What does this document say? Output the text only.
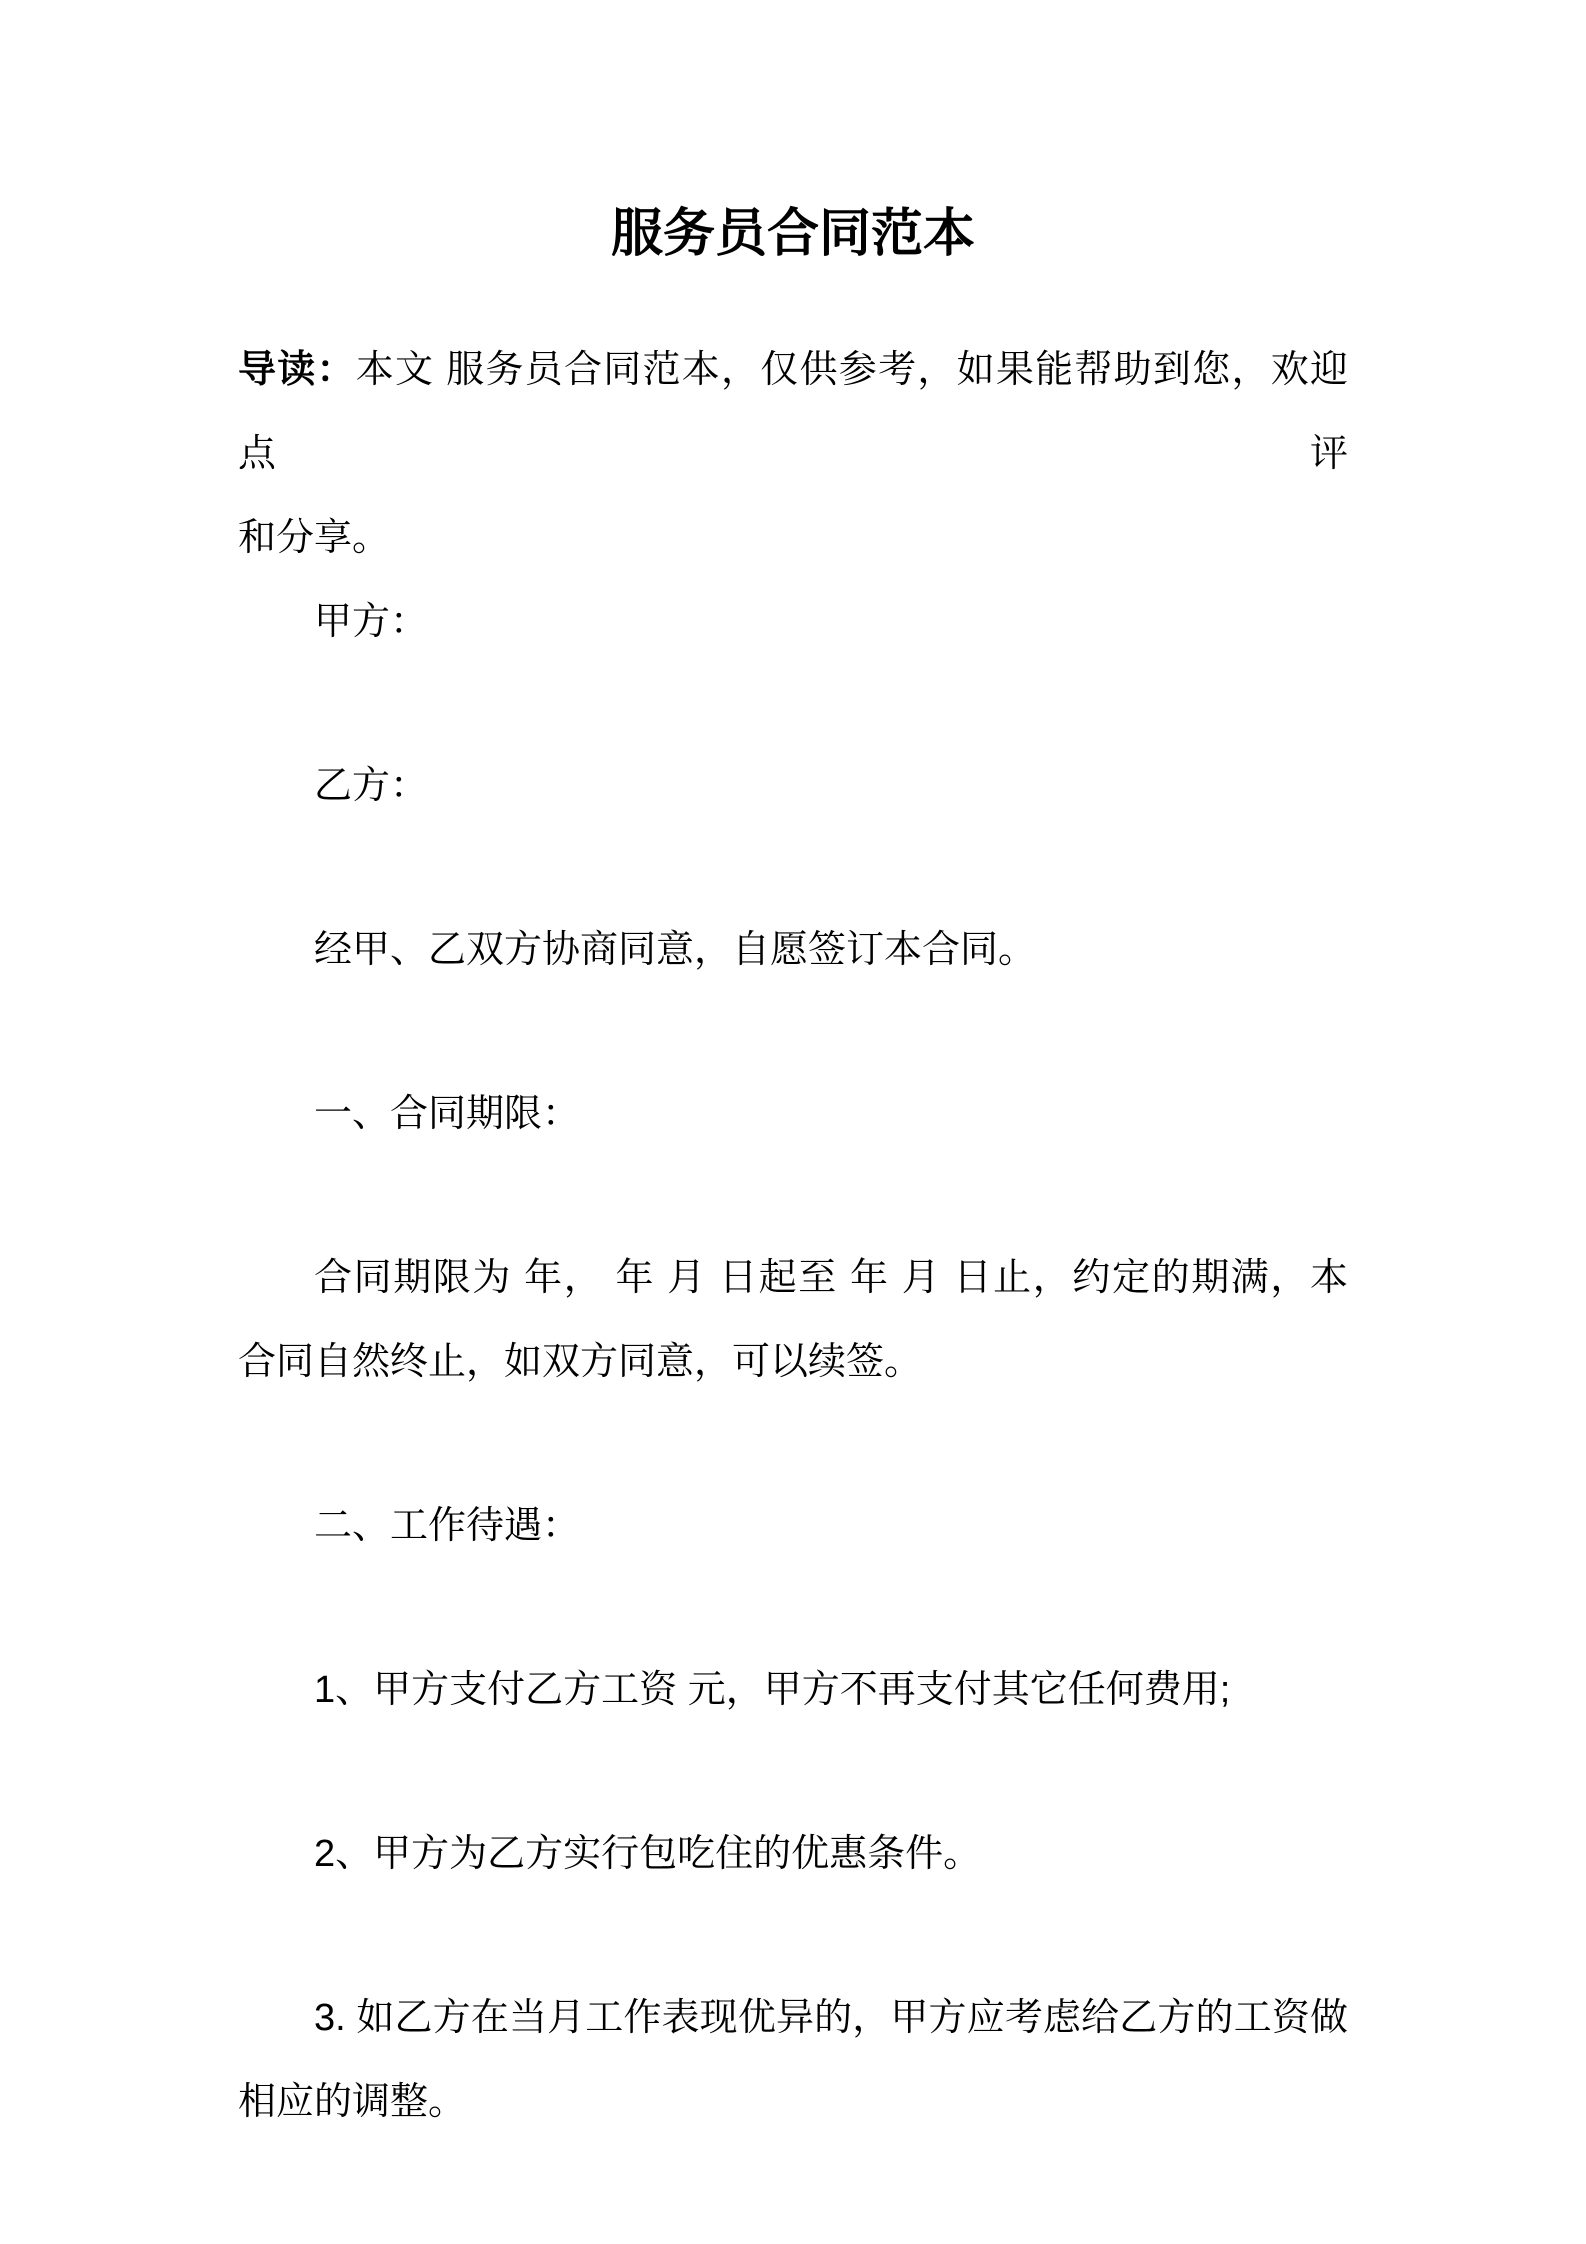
服务员合同范本
导读：本文 服务员合同范本，仅供参考，如果能帮助到您，欢迎点评
和分享。
甲方：
乙方：
经甲、乙双方协商同意，自愿签订本合同。
一、合同期限：
合同期限为 年， 年 月 日起至 年 月 日止，约定的期满，本
合同自然终止，如双方同意，可以续签。
二、工作待遇：
1、甲方支付乙方工资 元，甲方不再支付其它任何费用;
2、甲方为乙方实行包吃住的优惠条件。
3. 如乙方在当月工作表现优异的，甲方应考虑给乙方的工资做
相应的调整。
